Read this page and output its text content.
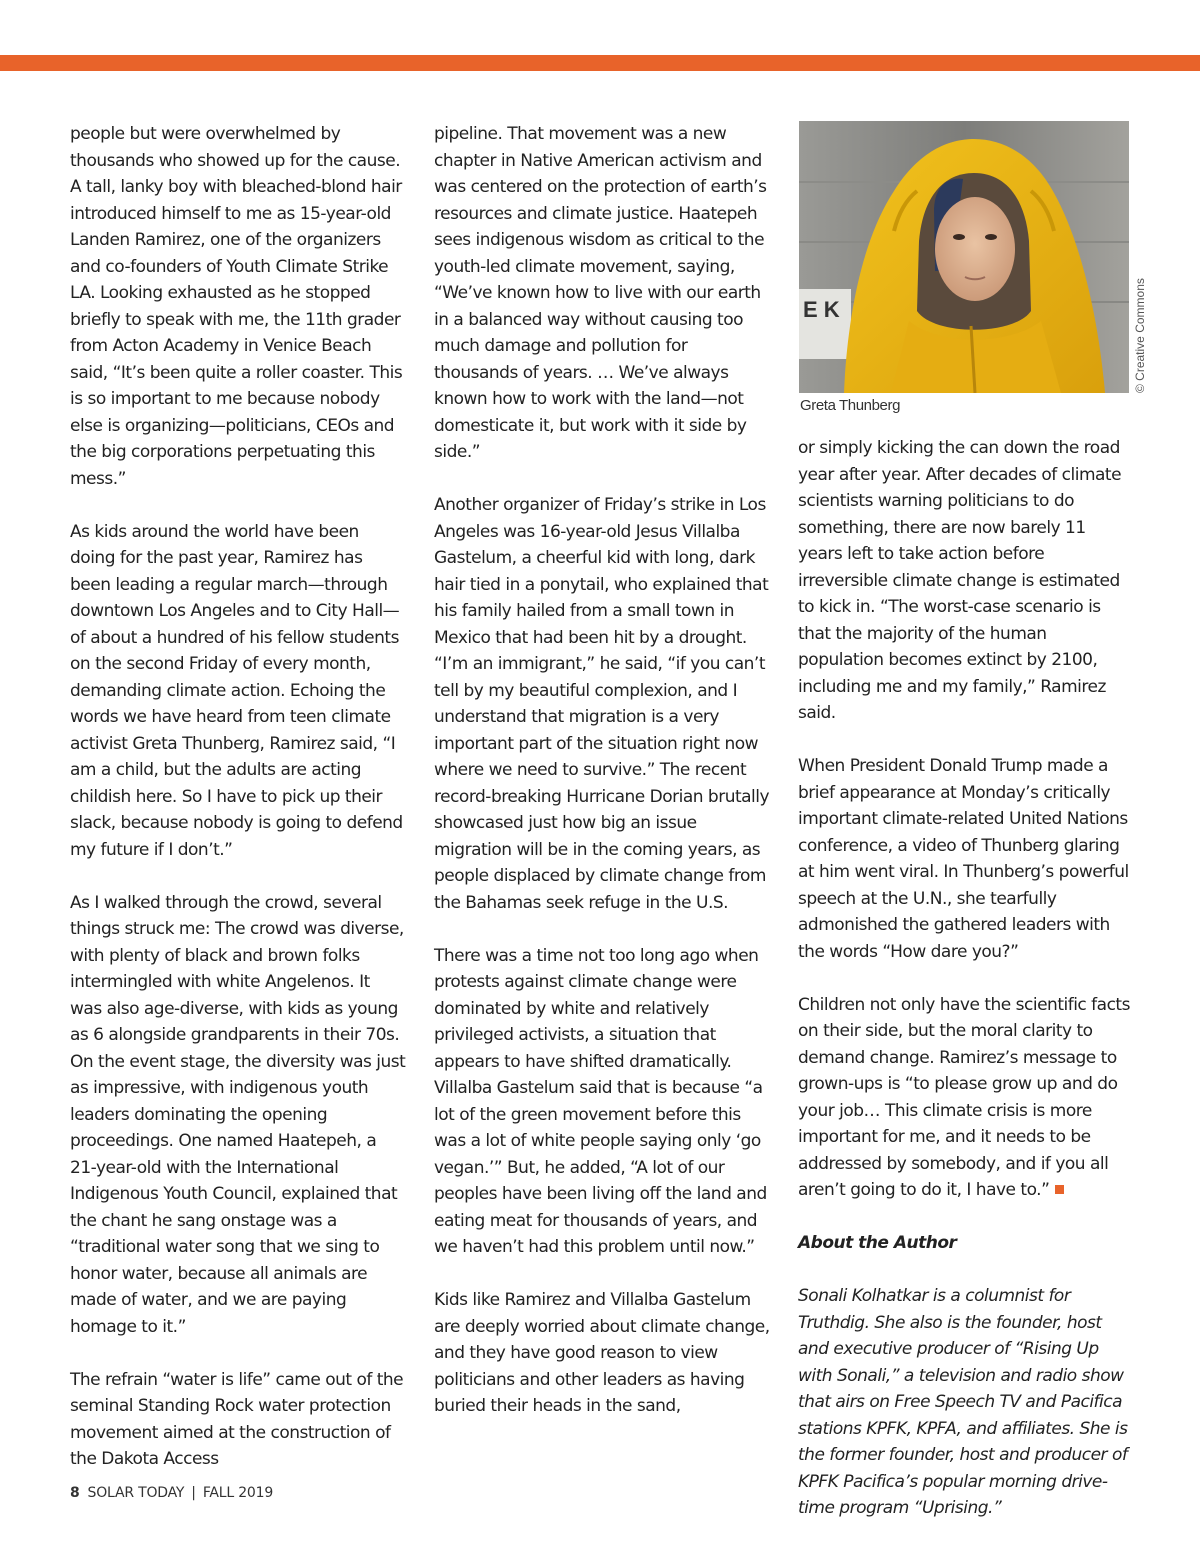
people but were overwhelmed by thousands who showed up for the cause. A tall, lanky boy with bleached-blond hair introduced himself to me as 15-year-old Landen Ramirez, one of the organizers and co-founders of Youth Climate Strike LA. Looking exhausted as he stopped briefly to speak with me, the 11th grader from Acton Academy in Venice Beach said, “It’s been quite a roller coaster. This is so important to me because nobody else is organizing—politicians, CEOs and the big corporations perpetuating this mess.”

As kids around the world have been doing for the past year, Ramirez has been leading a regular march—through downtown Los Angeles and to City Hall—of about a hundred of his fellow students on the second Friday of every month, demanding climate action. Echoing the words we have heard from teen climate activist Greta Thunberg, Ramirez said, “I am a child, but the adults are acting childish here. So I have to pick up their slack, because nobody is going to defend my future if I don’t.”

As I walked through the crowd, several things struck me: The crowd was diverse, with plenty of black and brown folks intermingled with white Angelenos. It was also age-diverse, with kids as young as 6 alongside grandparents in their 70s. On the event stage, the diversity was just as impressive, with indigenous youth leaders dominating the opening proceedings. One named Haatepeh, a 21-year-old with the International Indigenous Youth Council, explained that the chant he sang onstage was a “traditional water song that we sing to honor water, because all animals are made of water, and we are paying homage to it.”

The refrain “water is life” came out of the seminal Standing Rock water protection movement aimed at the construction of the Dakota Access

pipeline. That movement was a new chapter in Native American activism and was centered on the protection of earth’s resources and climate justice. Haatepeh sees indigenous wisdom as critical to the youth-led climate movement, saying, “We’ve known how to live with our earth in a balanced way without causing too much damage and pollution for thousands of years. … We’ve always known how to work with the land—not domesticate it, but work with it side by side.”

Another organizer of Friday’s strike in Los Angeles was 16-year-old Jesus Villalba Gastelum, a cheerful kid with long, dark hair tied in a ponytail, who explained that his family hailed from a small town in Mexico that had been hit by a drought. “I’m an immigrant,” he said, “if you can’t tell by my beautiful complexion, and I understand that migration is a very important part of the situation right now where we need to survive.” The recent record-breaking Hurricane Dorian brutally showcased just how big an issue migration will be in the coming years, as people displaced by climate change from the Bahamas seek refuge in the U.S.

There was a time not too long ago when protests against climate change were dominated by white and relatively privileged activists, a situation that appears to have shifted dramatically. Villalba Gastelum said that is because “a lot of the green movement before this was a lot of white people saying only ‘go vegan.’” But, he added, “A lot of our peoples have been living off the land and eating meat for thousands of years, and we haven’t had this problem until now.”

Kids like Ramirez and Villalba Gastelum are deeply worried about climate change, and they have good reason to view politicians and other leaders as having buried their heads in the sand,

E K	© Creative Commons
Greta Thunberg

or simply kicking the can down the road year after year. After decades of climate scientists warning politicians to do something, there are now barely 11 years left to take action before irreversible climate change is estimated to kick in. “The worst-case scenario is that the majority of the human population becomes extinct by 2100, including me and my family,” Ramirez said.

When President Donald Trump made a brief appearance at Monday’s critically important climate-related United Nations conference, a video of Thunberg glaring at him went viral. In Thunberg’s powerful speech at the U.N., she tearfully admonished the gathered leaders with the words “How dare you?”

Children not only have the scientific facts on their side, but the moral clarity to demand change. Ramirez’s message to grown-ups is “to please grow up and do your job… This climate crisis is more important for me, and it needs to be addressed by somebody, and if you all aren’t going to do it, I have to.”

About the Author

Sonali Kolhatkar is a columnist for Truthdig. She also is the founder, host and executive producer of “Rising Up with Sonali,” a television and radio show that airs on Free Speech TV and Pacifica stations KPFK, KPFA, and affiliates. She is the former founder, host and producer of KPFK Pacifica’s popular morning drive-time program “Uprising.”

8 SOLAR TODAY | FALL 2019
